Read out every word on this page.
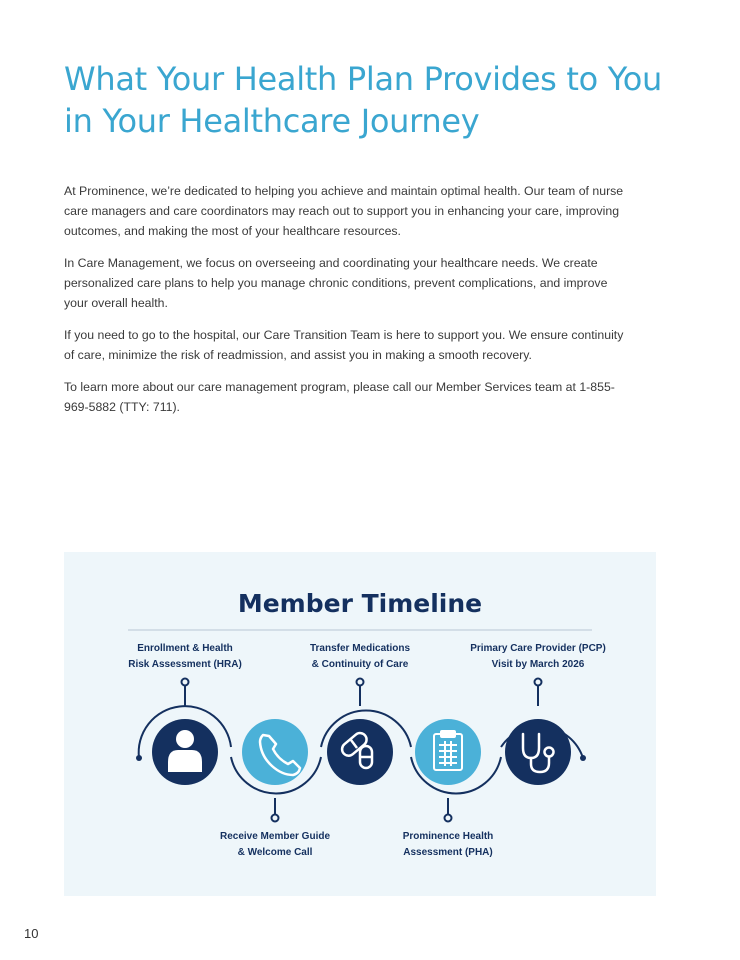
What Your Health Plan Provides to You
in Your Healthcare Journey

At Prominence, we’re dedicated to helping you achieve and maintain optimal health. Our team of nurse care managers and care coordinators may reach out to support you in enhancing your care, improving outcomes, and making the most of your healthcare resources.

In Care Management, we focus on overseeing and coordinating your healthcare needs. We create personalized care plans to help you manage chronic conditions, prevent complications, and improve your overall health.

If you need to go to the hospital, our Care Transition Team is here to support you. We ensure continuity of care, minimize the risk of readmission, and assist you in making a smooth recovery.

To learn more about our care management program, please call our Member Services team at 1-855-969-5882 (TTY: 711).

Member Timeline
Enrollment & Health
Risk Assessment (HRA)
Transfer Medications
& Continuity of Care
Primary Care Provider (PCP)
Visit by March 2026
Receive Member Guide
& Welcome Call
Prominence Health
Assessment (PHA)
10
